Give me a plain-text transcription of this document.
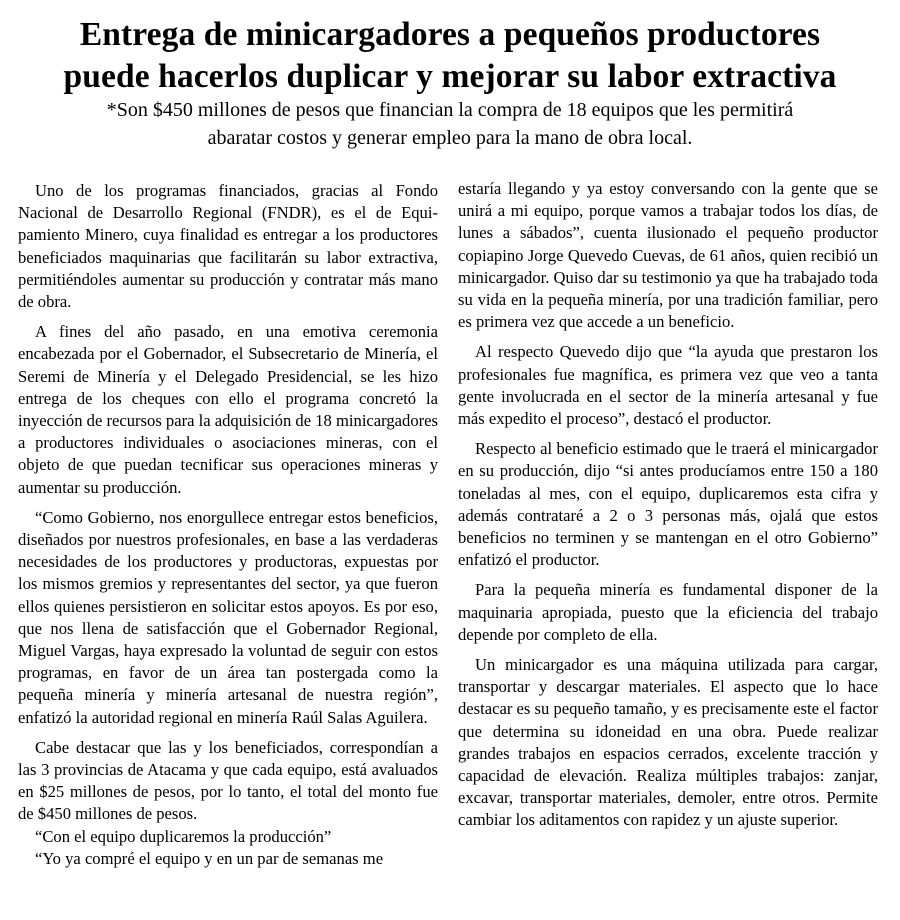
Entrega de minicargadores a pequeños productores
puede hacerlos duplicar y mejorar su labor extractiva
*Son $450 millones de pesos que financian la compra de 18 equipos que les permitirá
abaratar costos y generar empleo para la mano de obra local.

Uno de los programas financiados, gracias al Fondo Nacional de Desarrollo Regional (FNDR), es el de Equipamiento Minero, cuya finalidad es entregar a los productores beneficiados maquinarias que facilitarán su labor extractiva, permitiéndoles aumentar su producción y contratar más mano de obra.

A fines del año pasado, en una emotiva ceremonia encabezada por el Gobernador, el Subsecretario de Minería, el Seremi de Minería y el Delegado Presidencial, se les hizo entrega de los cheques con ello el programa concretó la inyección de recursos para la adquisición de 18 minicargadores a productores individuales o asociaciones mineras, con el objeto de que puedan tecnificar sus operaciones mineras y aumentar su producción.

“Como Gobierno, nos enorgullece entregar estos beneficios, diseñados por nuestros profesionales, en base a las verdaderas necesidades de los productores y productoras, expuestas por los mismos gremios y representantes del sector, ya que fueron ellos quienes persistieron en solicitar estos apoyos. Es por eso, que nos llena de satisfacción que el Gobernador Regional, Miguel Vargas, haya expresado la voluntad de seguir con estos programas, en favor de un área tan postergada como la pequeña minería y minería artesanal de nuestra región”, enfatizó la autoridad regional en minería Raúl Salas Aguilera.

Cabe destacar que las y los beneficiados, correspondían a las 3 provincias de Atacama y que cada equipo, está avaluados en $25 millones de pesos, por lo tanto, el total del monto fue de $450 millones de pesos.

“Con el equipo duplicaremos la producción”

“Yo ya compré el equipo y en un par de semanas me

estaría llegando y ya estoy conversando con la gente que se unirá a mi equipo, porque vamos a trabajar todos los días, de lunes a sábados”, cuenta ilusionado el pequeño productor copiapino Jorge Quevedo Cuevas, de 61 años, quien recibió un minicargador. Quiso dar su testimonio ya que ha trabajado toda su vida en la pequeña minería, por una tradición familiar, pero es primera vez que accede a un beneficio.

Al respecto Quevedo dijo que “la ayuda que prestaron los profesionales fue magnífica, es primera vez que veo a tanta gente involucrada en el sector de la minería artesanal y fue más expedito el proceso”, destacó el productor.

Respecto al beneficio estimado que le traerá el minicargador en su producción, dijo “si antes producíamos entre 150 a 180 toneladas al mes, con el equipo, duplicaremos esta cifra y además contrataré a 2 o 3 personas más, ojalá que estos beneficios no terminen y se mantengan en el otro Gobierno” enfatizó el productor.

Para la pequeña minería es fundamental disponer de la maquinaria apropiada, puesto que la eficiencia del trabajo depende por completo de ella.

Un minicargador es una máquina utilizada para cargar, transportar y descargar materiales. El aspecto que lo hace destacar es su pequeño tamaño, y es precisamente este el factor que determina su idoneidad en una obra. Puede realizar grandes trabajos en espacios cerrados, excelente tracción y capacidad de elevación. Realiza múltiples trabajos: zanjar, excavar, transportar materiales, demoler, entre otros. Permite cambiar los aditamentos con rapidez y un ajuste superior.
